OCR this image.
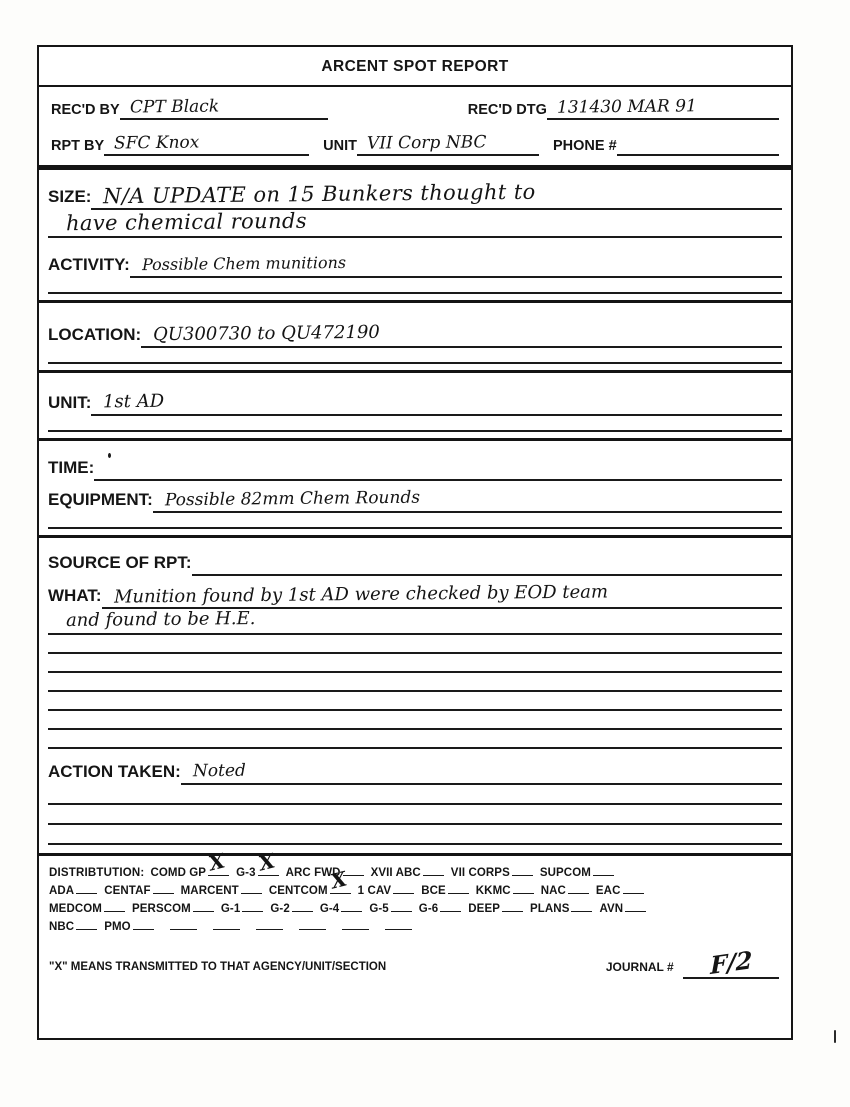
ARCENT SPOT REPORT
REC'D BY CPT Black	REC'D DTG 131430 MAR 91
RPT BY SFC Knox	UNIT VII Corp NBC	PHONE #
SIZE: N/A UPDATE on 15 Bunkers thought to
have chemical rounds
ACTIVITY: Possible Chem munitions
LOCATION: QU300730 to QU472190
UNIT: 1st AD
TIME:
EQUIPMENT: Possible 82mm Chem Rounds
SOURCE OF RPT:
WHAT: Munition found by 1st AD were checked by EOD team
and found to be H.E.
ACTION TAKEN: Noted
DISTRIBTUTION: COMD GP X G-3 X ARC FWD	XVII ABC	VII CORPS	SUPCOM
ADA	CENTAF	MARCENT	CENTCOM X 1 CAV	BCE	KKMC	NAC	EAC
MEDCOM	PERSCOM	G-1	G-2	G-4	G-5	G-6	DEEP	PLANS	AVN
NBC	PMO
"X" MEANS TRANSMITTED TO THAT AGENCY/UNIT/SECTION	JOURNAL # F/2
